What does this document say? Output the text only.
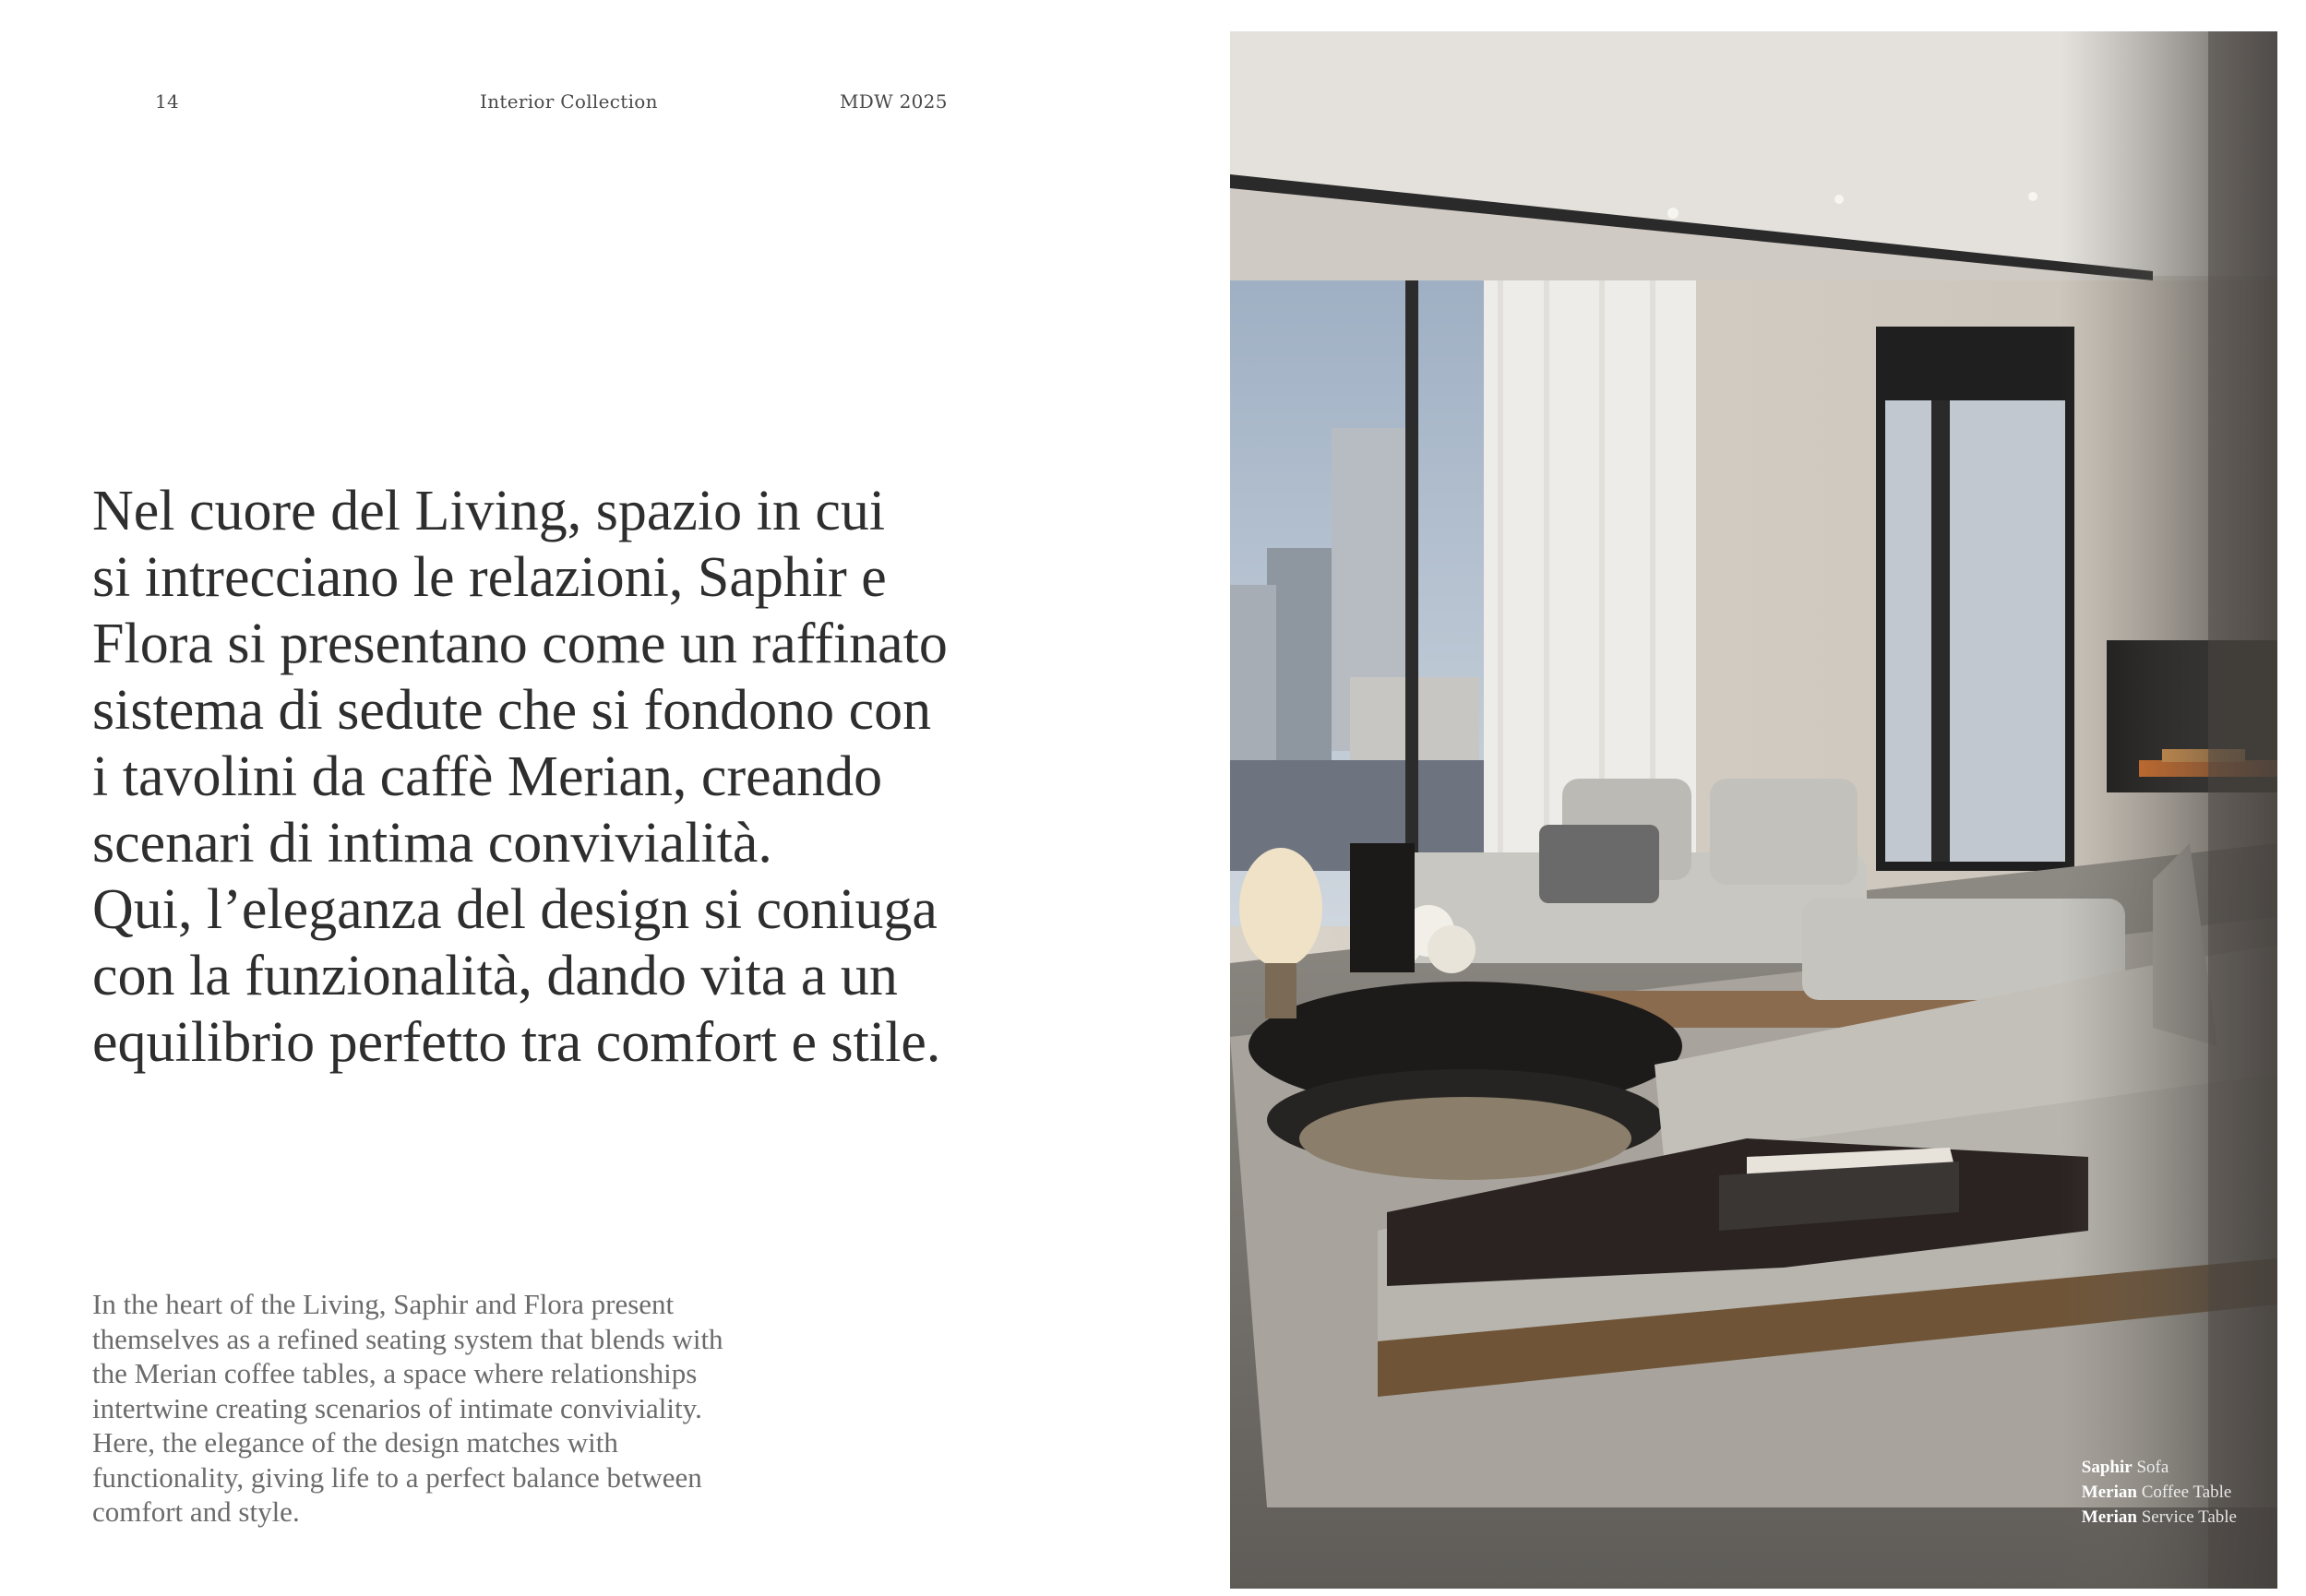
14	Interior Collection	MDW 2025
Nel cuore del Living, spazio in cui
si intrecciano le relazioni, Saphir e
Flora si presentano come un raffinato
sistema di sedute che si fondono con
i tavolini da caffè Merian, creando
scenari di intima convivialità.
Qui, l’eleganza del design si coniuga
con la funzionalità, dando vita a un
equilibrio perfetto tra comfort e stile.

In the heart of the Living, Saphir and Flora present
themselves as a refined seating system that blends with
the Merian coffee tables, a space where relationships
intertwine creating scenarios of intimate conviviality.
Here, the elegance of the design matches with
functionality, giving life to a perfect balance between
comfort and style.

Saphir Sofa
Merian Coffee Table
Merian Service Table
